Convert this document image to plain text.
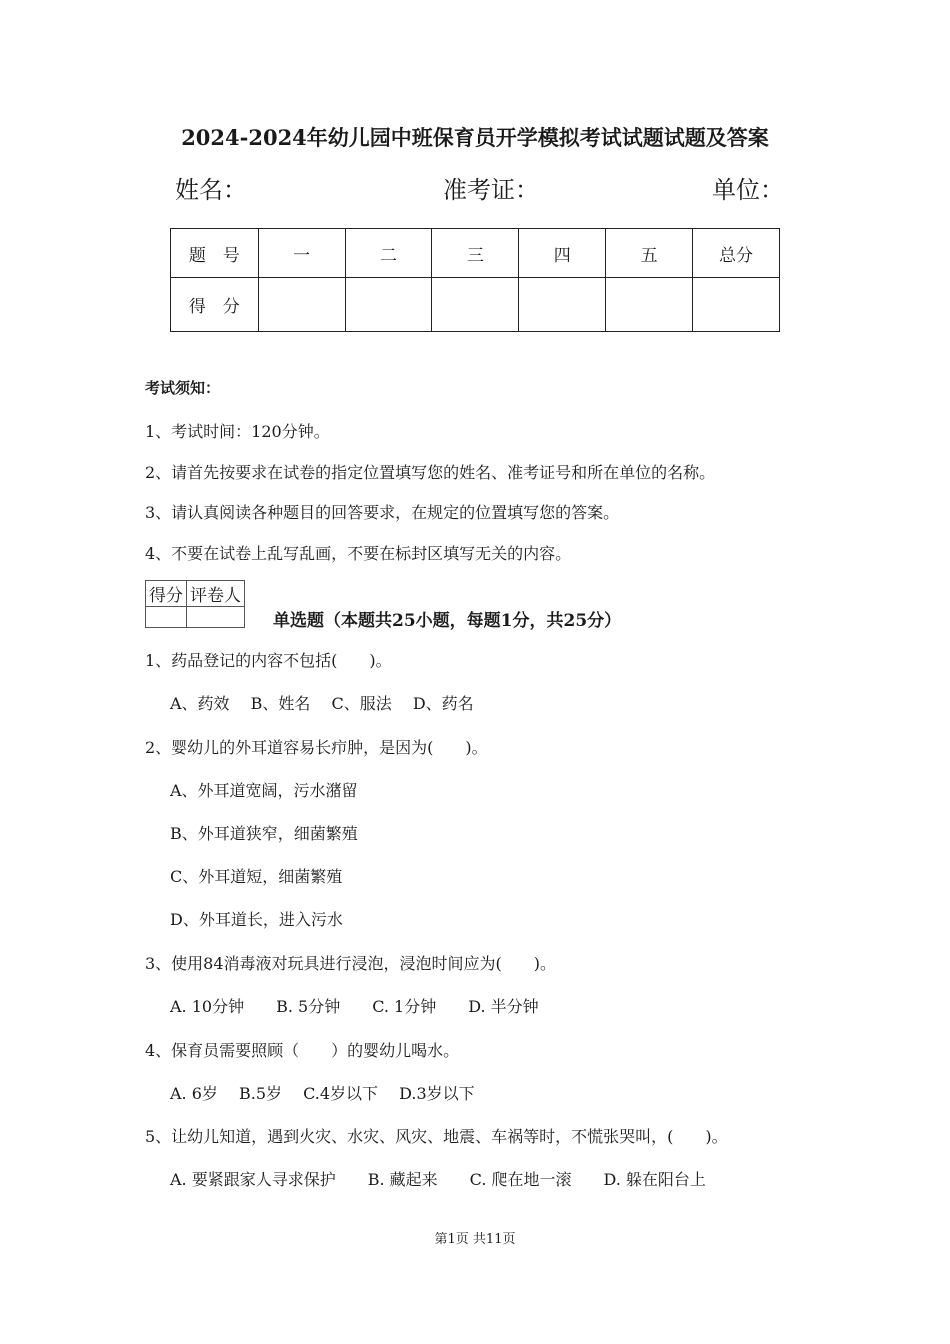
2024-2024年幼儿园中班保育员开学模拟考试试题试题及答案
姓名：	准考证：	单位：
题　号	一	二	三	四	五	总分
得　分						
考试须知：
1、考试时间：120分钟。
2、请首先按要求在试卷的指定位置填写您的姓名、准考证号和所在单位的名称。
3、请认真阅读各种题目的回答要求，在规定的位置填写您的答案。
4、不要在试卷上乱写乱画，不要在标封区填写无关的内容。
得分	评卷人

单选题（本题共25小题，每题1分，共25分）
1、药品登记的内容不包括(　　)。
A、药效　 B、姓名　 C、服法　 D、药名
2、婴幼儿的外耳道容易长疖肿，是因为(　　)。
A、外耳道宽阔，污水潴留
B、外耳道狭窄，细菌繁殖
C、外耳道短，细菌繁殖
D、外耳道长，进入污水
3、使用84消毒液对玩具进行浸泡，浸泡时间应为(　　)。
A. 10分钟　　B. 5分钟　　C. 1分钟　　D. 半分钟
4、保育员需要照顾（　　）的婴幼儿喝水。
A. 6岁　 B.5岁　 C.4岁以下　 D.3岁以下
5、让幼儿知道，遇到火灾、水灾、风灾、地震、车祸等时，不慌张哭叫，(　　)。
A. 要紧跟家人寻求保护　　B. 藏起来　　C. 爬在地一滚　　D. 躲在阳台上
第1页 共11页
